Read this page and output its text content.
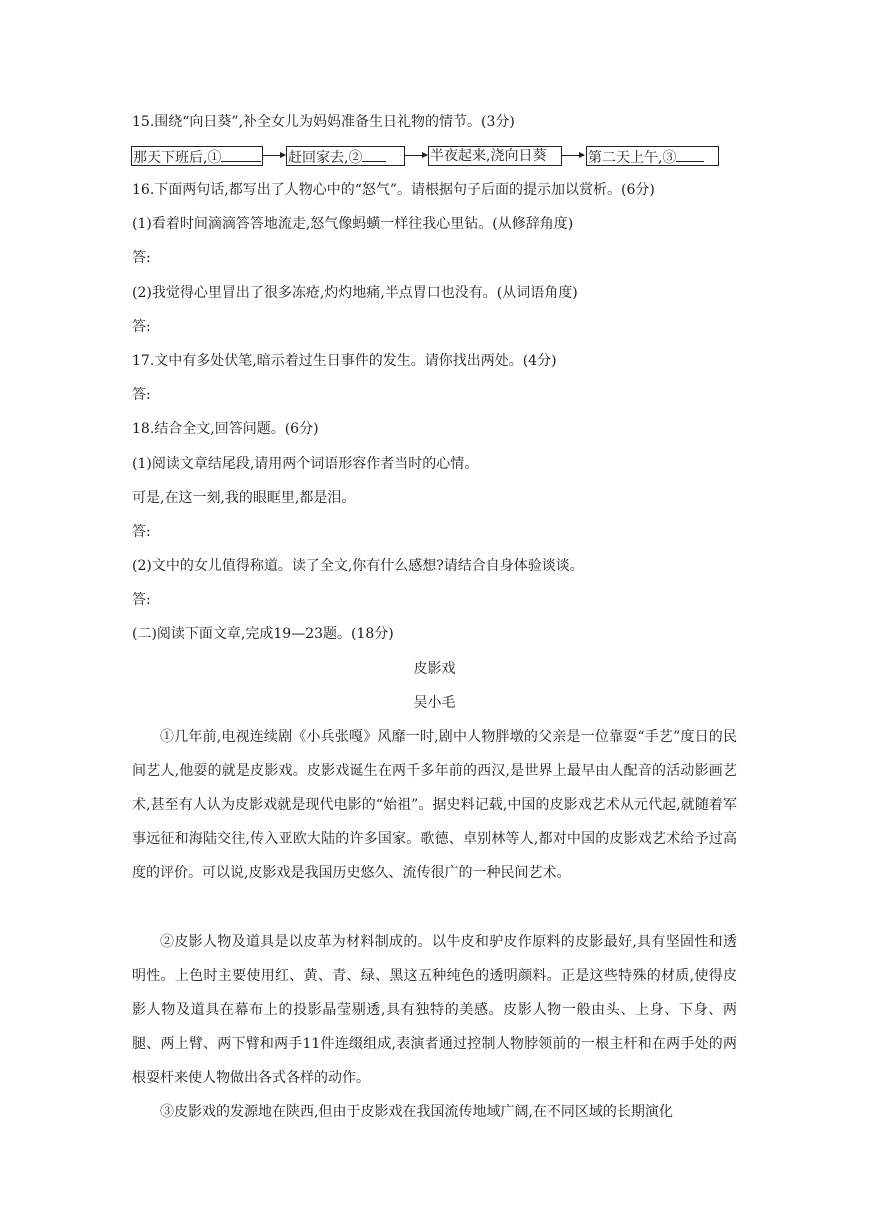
15.围绕“向日葵”,补全女儿为妈妈准备生日礼物的情节。(3分)
那天下班后,①	赶回家去,②	半夜起来,浇向日葵	第二天上午,③
16.下面两句话,都写出了人物心中的“怒气”。请根据句子后面的提示加以赏析。(6分)
(1)看着时间滴滴答答地流走,怒气像蚂蟥一样往我心里钻。(从修辞角度)
答:
(2)我觉得心里冒出了很多冻疮,灼灼地痛,半点胃口也没有。(从词语角度)
答:
17.文中有多处伏笔,暗示着过生日事件的发生。请你找出两处。(4分)
答:
18.结合全文,回答问题。(6分)
(1)阅读文章结尾段,请用两个词语形容作者当时的心情。
可是,在这一刻,我的眼眶里,都是泪。
答:
(2)文中的女儿值得称道。读了全文,你有什么感想?请结合自身体验谈谈。
答:
(二)阅读下面文章,完成19—23题。(18分)
皮影戏
吴小毛
①几年前,电视连续剧《小兵张嘎》风靡一时,剧中人物胖墩的父亲是一位靠耍“手艺”度日的民间艺人,他耍的就是皮影戏。皮影戏诞生在两千多年前的西汉,是世界上最早由人配音的活动影画艺术,甚至有人认为皮影戏就是现代电影的“始祖”。据史料记载,中国的皮影戏艺术从元代起,就随着军事远征和海陆交往,传入亚欧大陆的许多国家。歌德、卓别林等人,都对中国的皮影戏艺术给予过高度的评价。可以说,皮影戏是我国历史悠久、流传很广的一种民间艺术。
②皮影人物及道具是以皮革为材料制成的。以牛皮和驴皮作原料的皮影最好,具有坚固性和透明性。上色时主要使用红、黄、青、绿、黑这五种纯色的透明颜料。正是这些特殊的材质,使得皮影人物及道具在幕布上的投影晶莹剔透,具有独特的美感。皮影人物一般由头、上身、下身、两腿、两上臂、两下臂和两手11件连缀组成,表演者通过控制人物脖领前的一根主杆和在两手处的两根耍杆来使人物做出各式各样的动作。
③皮影戏的发源地在陕西,但由于皮影戏在我国流传地域广阔,在不同区域的长期演化
